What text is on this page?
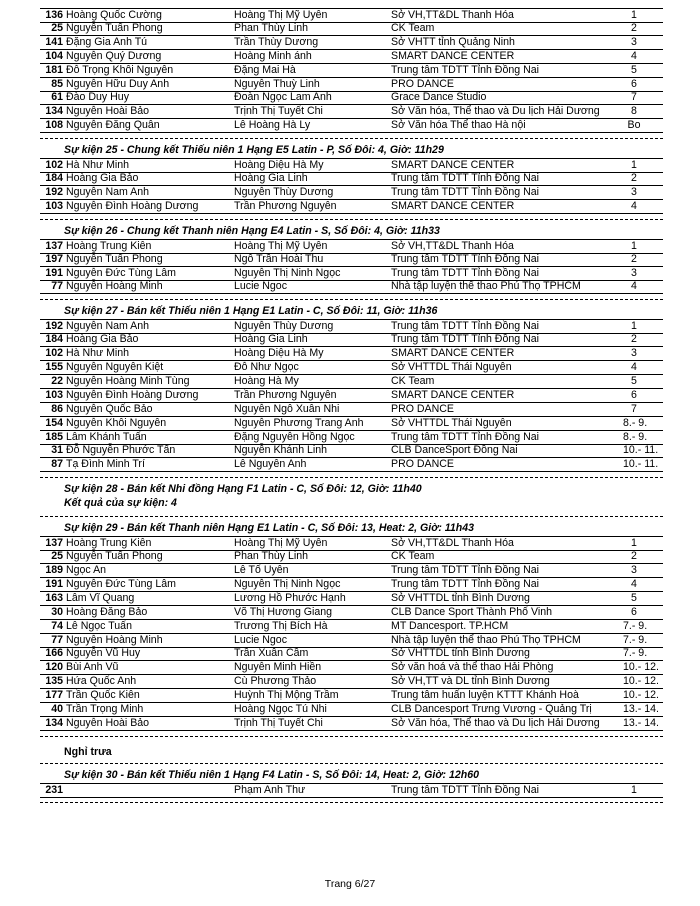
136 Hoàng Quốc Cường	Hoàng Thị Mỹ Uyên	Sở VH,TT&DL Thanh Hóa	1
25 Nguyễn Tuấn Phong	Phan Thùy Linh	CK Team	2
141 Đặng Gia Anh Tú	Trần Thùy Dương	Sở VHTT tỉnh Quảng Ninh	3
104 Nguyễn Quý Dương	Hoàng Minh ánh	SMART DANCE CENTER	4
181 Đỗ Trọng Khôi Nguyên	Đặng Mai Hà	Trung tâm TDTT Tỉnh Đồng Nai	5
85 Nguyễn Hữu Duy Anh	Nguyễn Thuỳ Linh	PRO DANCE	6
61 Đào Duy Huy	Đoàn Ngọc Lam Anh	Grace Dance Studio	7
134 Nguyễn Hoài Bảo	Trịnh Thị Tuyết Chi	Sở Văn hóa, Thể thao và Du lịch Hải Dương	8
108 Nguyễn Đăng Quân	Lê Hoàng Hà Ly	Sở Văn hóa Thể thao Hà nội	Bo
Sự kiện 25 - Chung kết Thiếu niên 1 Hạng E5 Latin - P, Số Đôi: 4, Giờ: 11h29
102 Hà Như Minh	Hoàng Diệu Hà My	SMART DANCE CENTER	1
184 Hoàng Gia Bảo	Hoàng Gia Linh	Trung tâm TDTT Tỉnh Đồng Nai	2
192 Nguyễn Nam Anh	Nguyễn Thùy Dương	Trung tâm TDTT Tỉnh Đồng Nai	3
103 Nguyễn Đình Hoàng Dương	Trần Phương Nguyên	SMART DANCE CENTER	4
Sự kiện 26 - Chung kết Thanh niên Hạng E4 Latin - S, Số Đôi: 4, Giờ: 11h33
137 Hoàng Trung Kiên	Hoàng Thị Mỹ Uyên	Sở VH,TT&DL Thanh Hóa	1
197 Nguyễn Tuấn Phong	Ngô Trần Hoài Thu	Trung tâm TDTT Tỉnh Đồng Nai	2
191 Nguyễn Đức Tùng Lâm	Nguyễn Thị Ninh Ngọc	Trung tâm TDTT Tỉnh Đồng Nai	3
77 Nguyễn Hoàng Minh	Lucie Ngoc	Nhà tập luyện thể thao Phú Thọ TPHCM	4
Sự kiện 27 - Bán kết Thiếu niên 1 Hạng E1 Latin - C, Số Đôi: 11, Giờ: 11h36
192 Nguyễn Nam Anh	Nguyễn Thùy Dương	Trung tâm TDTT Tỉnh Đồng Nai	1
184 Hoàng Gia Bảo	Hoàng Gia Linh	Trung tâm TDTT Tỉnh Đồng Nai	2
102 Hà Như Minh	Hoàng Diệu Hà My	SMART DANCE CENTER	3
155 Nguyễn Nguyên Kiệt	Đỗ Như Ngọc	Sở VHTTDL Thái Nguyên	4
22 Nguyễn Hoàng Minh Tùng	Hoàng Hà My	CK Team	5
103 Nguyễn Đình Hoàng Dương	Trần Phương Nguyên	SMART DANCE CENTER	6
86 Nguyễn Quốc Bảo	Nguyễn Ngô Xuân Nhi	PRO DANCE	7
154 Nguyễn Khôi Nguyên	Nguyễn Phương Trang Anh	Sở VHTTDL Thái Nguyên	8.- 9.
185 Lâm Khánh Tuấn	Đặng Nguyễn Hồng Ngọc	Trung tâm TDTT Tỉnh Đồng Nai	8.- 9.
31 Đỗ Nguyễn Phước Tấn	Nguyễn Khánh Linh	CLB DanceSport Đồng Nai	10.- 11.
87 Tạ Đình Minh Trí	Lê Nguyên Anh	PRO DANCE	10.- 11.
Sự kiện 28 - Bán kết Nhi đồng Hạng F1 Latin - C, Số Đôi: 12, Giờ: 11h40
Kết quả của sự kiện: 4
Sự kiện 29 - Bán kết Thanh niên Hạng E1 Latin - C, Số Đôi: 13, Heat: 2, Giờ: 11h43
137 Hoàng Trung Kiên	Hoàng Thị Mỹ Uyên	Sở VH,TT&DL Thanh Hóa	1
25 Nguyễn Tuấn Phong	Phan Thùy Linh	CK Team	2
189 Ngọc An	Lê Tố Uyên	Trung tâm TDTT Tỉnh Đồng Nai	3
191 Nguyễn Đức Tùng Lâm	Nguyễn Thị Ninh Ngọc	Trung tâm TDTT Tỉnh Đồng Nai	4
163 Lâm Vĩ Quang	Lương Hồ Phước Hạnh	Sở VHTTDL tỉnh Bình Dương	5
30 Hoàng Đăng Bảo	Võ Thị Hương Giang	CLB Dance Sport Thành Phố Vinh	6
74 Lê Ngọc Tuấn	Trương Thị Bích Hà	MT Dancesport. TP.HCM	7.- 9.
77 Nguyễn Hoàng Minh	Lucie Ngoc	Nhà tập luyện thể thao Phú Thọ TPHCM	7.- 9.
166 Nguyễn Vũ Huy	Trần Xuân Cầm	Sở VHTTDL tỉnh Bình Dương	7.- 9.
120 Bùi Anh Vũ	Nguyễn Minh Hiền	Sở văn hoá và thể thao Hải Phòng	10.- 12.
135 Hứa Quốc Anh	Cù Phương Thảo	Sở VH,TT và DL tỉnh Bình Dương	10.- 12.
177 Trần Quốc Kiên	Huỳnh Thị Mộng Trầm	Trung tâm huấn luyện KTTT Khánh Hoà	10.- 12.
40 Trần Trọng Minh	Hoàng Ngọc Tú Nhi	CLB Dancesport Trưng Vương - Quảng Trị	13.- 14.
134 Nguyễn Hoài Bảo	Trịnh Thị Tuyết Chi	Sở Văn hóa, Thể thao và Du lịch Hải Dương	13.- 14.
Nghỉ trưa
Sự kiện 30 - Bán kết Thiếu niên 1 Hạng F4 Latin - S, Số Đôi: 14, Heat: 2, Giờ: 12h60
231	Phạm Anh Thư	Trung tâm TDTT Tỉnh Đồng Nai	1
Trang 6/27
